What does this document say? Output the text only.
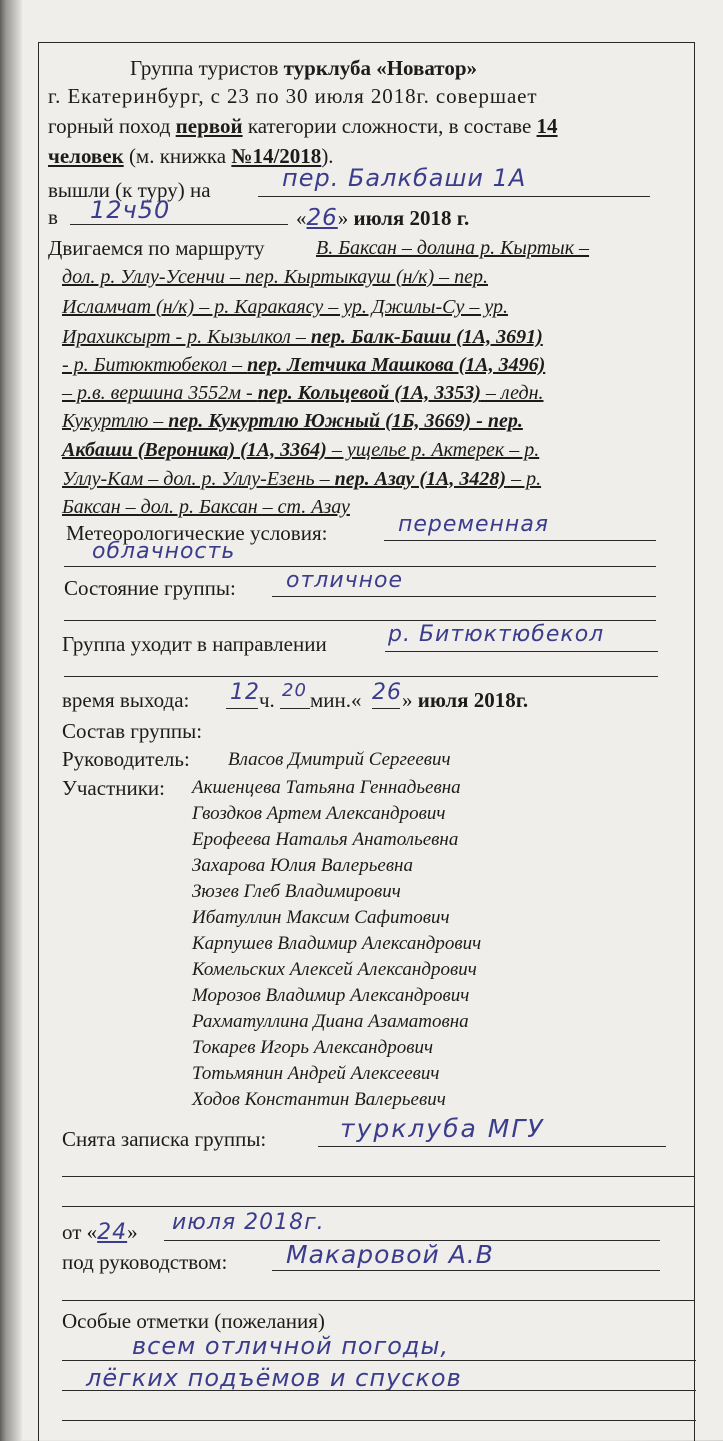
Группа туристов турклуба «Новатор»
г. Екатеринбург, с 23 по 30 июля 2018г. совершает
горный поход первой категории сложности, в составе 14
человек (м. книжка №14/2018).
вышли (к туру) на	пер. Балкбаши 1А
в 12ч50	«26» июля 2018 г.
Двигаемся по маршруту	В. Баксан – долина р. Кыртык –
дол. р. Уллу-Усенчи – пер. Кыртыкауш (н/к) – пер.
Исламчат (н/к) – р. Каракаясу – ур. Джилы-Су – ур.
Ирахиксырт - р. Кызылкол – пер. Балк-Баши (1А, 3691)
- р. Битюктюбекол – пер. Летчика Машкова (1А, 3496)
– р.в. вершина 3552м - пер. Кольцевой (1А, 3353) – ледн.
Кукуртлю – пер. Кукуртлю Южный (1Б, 3669) - пер.
Акбаши (Вероника) (1А, 3364) – ущелье р. Актерек – р.
Уллу-Кам – дол. р. Уллу-Езень – пер. Азау (1А, 3428) – р.
Баксан – дол. р. Баксан – ст. Азау
Метеорологические условия:	переменная
облачность
Состояние группы: отличное
Группа уходит в направлении	р. Битюктюбекол
время выхода: 12 ч. 20 мин.« 26 » июля 2018г.
Состав группы:
Руководитель: Власов Дмитрий Сергеевич
Участники: Акшенцева Татьяна Геннадьевна
Гвоздков Артем Александрович
Ерофеева Наталья Анатольевна
Захарова Юлия Валерьевна
Зюзев Глеб Владимирович
Ибатуллин Максим Сафитович
Карпушев Владимир Александрович
Комельских Алексей Александрович
Морозов Владимир Александрович
Рахматуллина Диана Азаматовна
Токарев Игорь Александрович
Тотьмянин Андрей Алексеевич
Ходов Константин Валерьевич
Снята записка группы:	турклуба МГУ
от «24» июля 2018г.
под руководством: Макаровой А.В
Особые отметки (пожелания)
всем отличной погоды,
лёгких подъёмов и спусков
